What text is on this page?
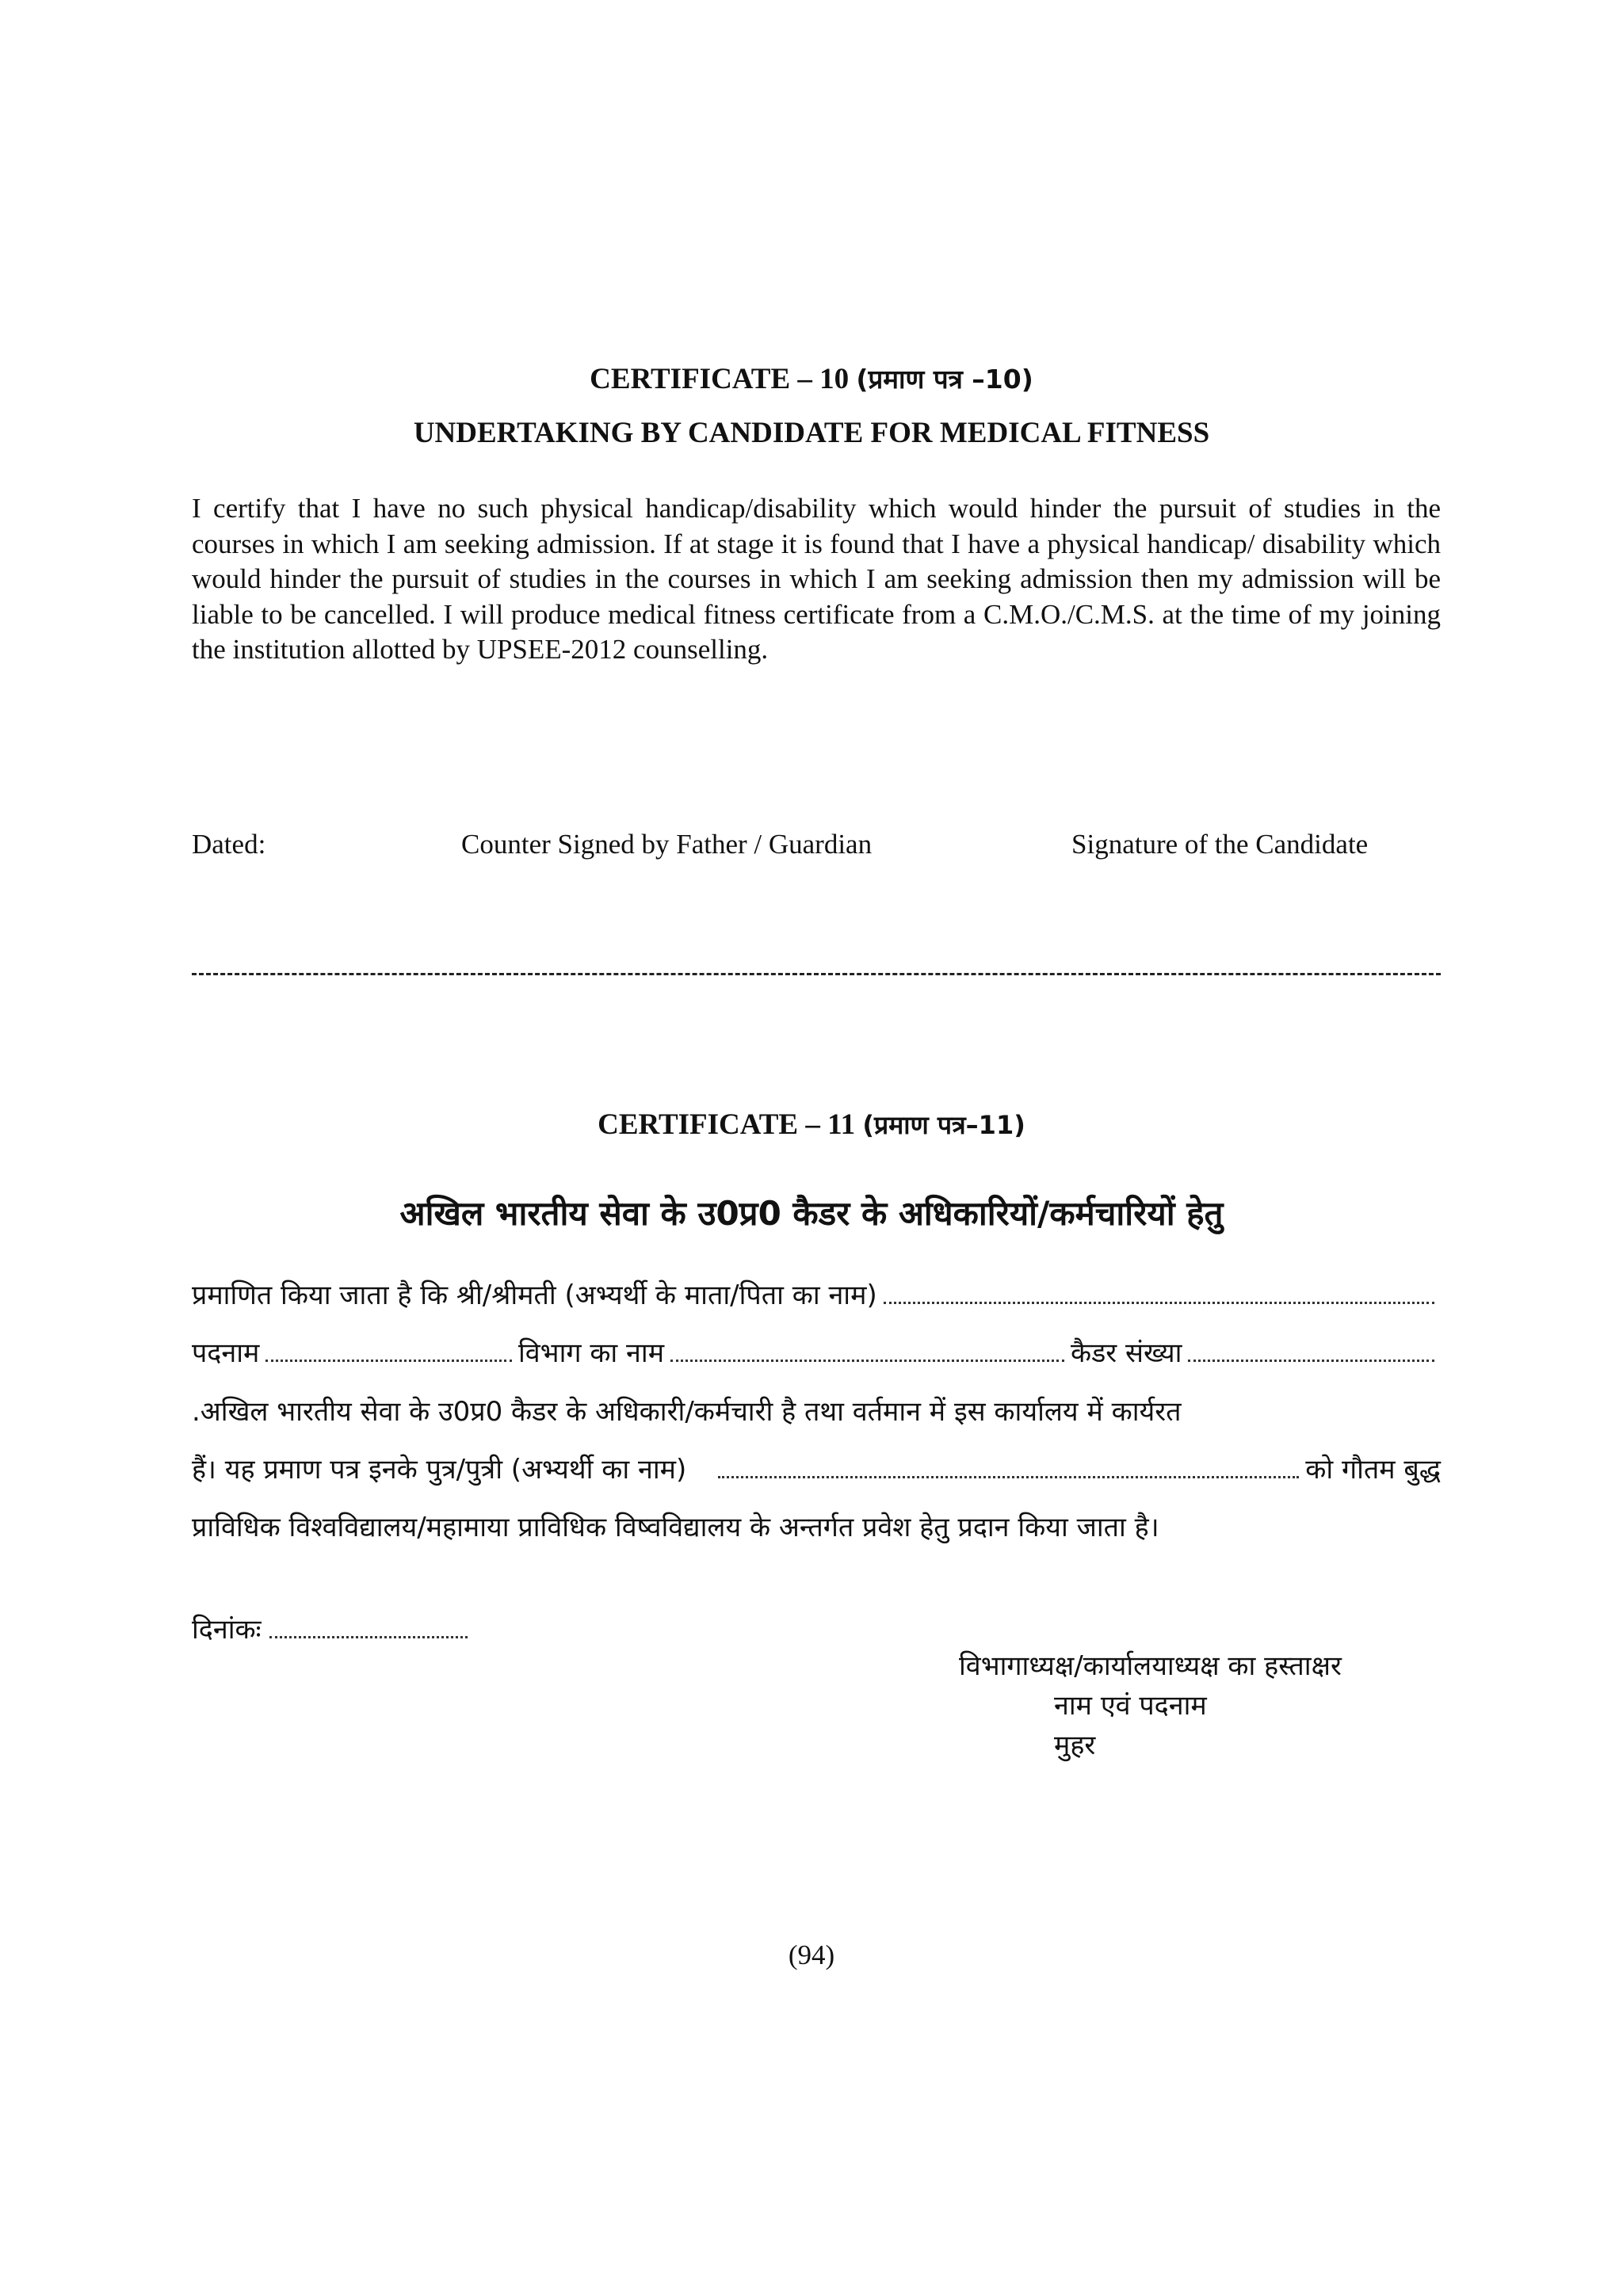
CERTIFICATE – 10 (प्रमाण पत्र –10)
UNDERTAKING BY CANDIDATE FOR MEDICAL FITNESS
I certify that I have no such physical handicap/disability which would hinder the pursuit of studies in the courses in which I am seeking admission. If at stage it is found that I have a physical handicap/ disability which would hinder the pursuit of studies in the courses in which I am seeking admission then my admission will be liable to be cancelled. I will produce medical fitness certificate from a C.M.O./C.M.S. at the time of my joining the institution allotted by UPSEE-2012 counselling.
Dated:	Counter Signed by Father / Guardian	Signature of the Candidate
CERTIFICATE – 11 (प्रमाण पत्र–11)
अखिल भारतीय सेवा के उ0प्र0 कैडर के अधिकारियों/कर्मचारियों हेतु
प्रमाणित किया जाता है कि श्री/श्रीमती (अभ्यर्थी के माता/पिता का नाम)
पदनाम	विभाग का नाम	कैडर संख्या
.अखिल भारतीय सेवा के उ0प्र0 कैडर के अधिकारी/कर्मचारी है तथा वर्तमान में इस कार्यालय में कार्यरत
हैं। यह प्रमाण पत्र इनके पुत्र/पुत्री (अभ्यर्थी का नाम)	को गौतम बुद्ध
प्राविधिक विश्वविद्यालय/महामाया प्राविधिक विष्वविद्यालय के अन्तर्गत प्रवेश हेतु प्रदान किया जाता है।
दिनांकः
विभागाध्यक्ष/कार्यालयाध्यक्ष का हस्ताक्षर
नाम एवं पदनाम
मुहर
(94)
